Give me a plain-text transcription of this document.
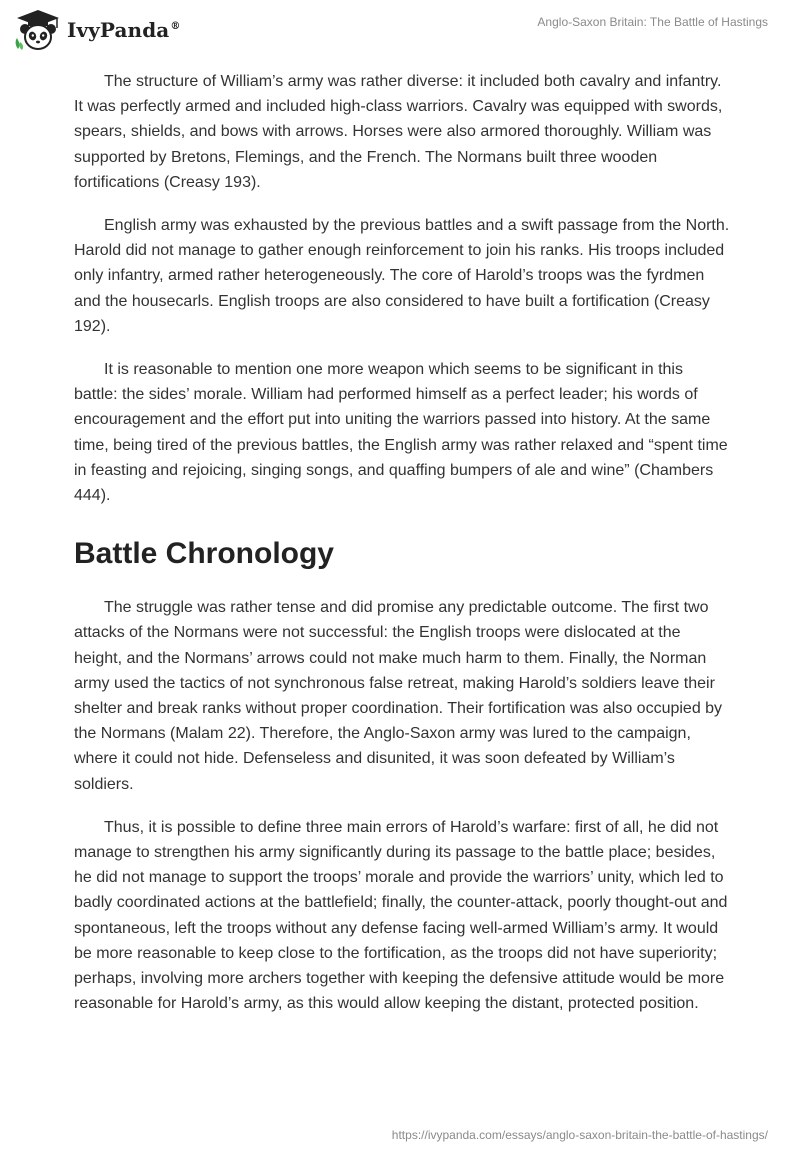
IvyPanda®	Anglo-Saxon Britain: The Battle of Hastings

The structure of William’s army was rather diverse: it included both cavalry and infantry. It was perfectly armed and included high-class warriors. Cavalry was equipped with swords, spears, shields, and bows with arrows. Horses were also armored thoroughly. William was supported by Bretons, Flemings, and the French. The Normans built three wooden fortifications (Creasy 193).

English army was exhausted by the previous battles and a swift passage from the North. Harold did not manage to gather enough reinforcement to join his ranks. His troops included only infantry, armed rather heterogeneously. The core of Harold’s troops was the fyrdmen and the housecarls. English troops are also considered to have built a fortification (Creasy 192).

It is reasonable to mention one more weapon which seems to be significant in this battle: the sides’ morale. William had performed himself as a perfect leader; his words of encouragement and the effort put into uniting the warriors passed into history. At the same time, being tired of the previous battles, the English army was rather relaxed and “spent time in feasting and rejoicing, singing songs, and quaffing bumpers of ale and wine” (Chambers 444).

Battle Chronology

The struggle was rather tense and did promise any predictable outcome. The first two attacks of the Normans were not successful: the English troops were dislocated at the height, and the Normans’ arrows could not make much harm to them. Finally, the Norman army used the tactics of not synchronous false retreat, making Harold’s soldiers leave their shelter and break ranks without proper coordination. Their fortification was also occupied by the Normans (Malam 22). Therefore, the Anglo-Saxon army was lured to the campaign, where it could not hide. Defenseless and disunited, it was soon defeated by William’s soldiers.

Thus, it is possible to define three main errors of Harold’s warfare: first of all, he did not manage to strengthen his army significantly during its passage to the battle place; besides, he did not manage to support the troops’ morale and provide the warriors’ unity, which led to badly coordinated actions at the battlefield; finally, the counter-attack, poorly thought-out and spontaneous, left the troops without any defense facing well-armed William’s army. It would be more reasonable to keep close to the fortification, as the troops did not have superiority; perhaps, involving more archers together with keeping the defensive attitude would be more reasonable for Harold’s army, as this would allow keeping the distant, protected position.

https://ivypanda.com/essays/anglo-saxon-britain-the-battle-of-hastings/
